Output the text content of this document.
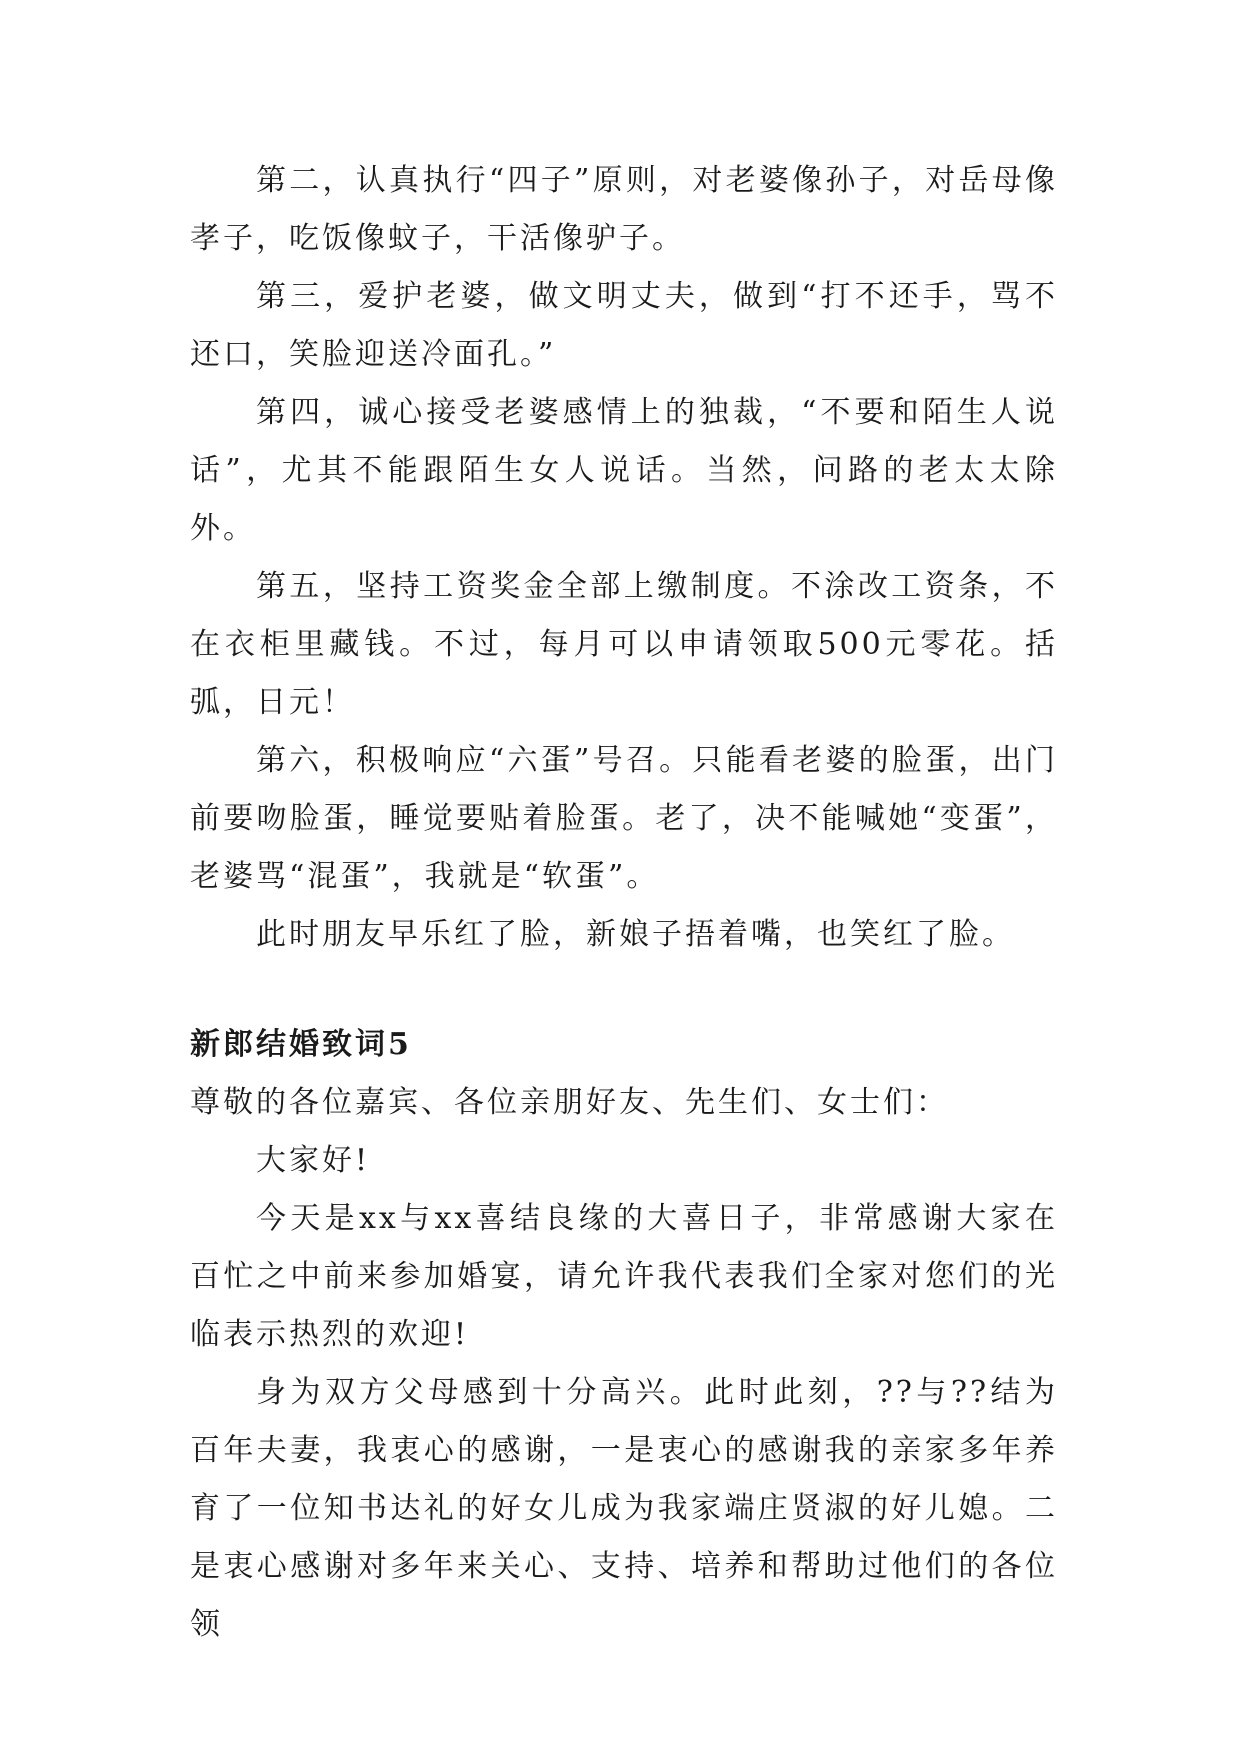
第二，认真执行“四子”原则，对老婆像孙子，对岳母像孝子，吃饭像蚊子，干活像驴子。

第三，爱护老婆，做文明丈夫，做到“打不还手，骂不还口，笑脸迎送冷面孔。”

第四，诚心接受老婆感情上的独裁，“不要和陌生人说话”，尤其不能跟陌生女人说话。当然，问路的老太太除外。

第五，坚持工资奖金全部上缴制度。不涂改工资条，不在衣柜里藏钱。不过，每月可以申请领取500元零花。括弧，日元！

第六，积极响应“六蛋”号召。只能看老婆的脸蛋，出门前要吻脸蛋，睡觉要贴着脸蛋。老了，决不能喊她“变蛋”，老婆骂“混蛋”，我就是“软蛋”。

此时朋友早乐红了脸，新娘子捂着嘴，也笑红了脸。

新郎结婚致词5

尊敬的各位嘉宾、各位亲朋好友、先生们、女士们：

大家好!

今天是xx与xx喜结良缘的大喜日子，非常感谢大家在百忙之中前来参加婚宴，请允许我代表我们全家对您们的光临表示热烈的欢迎!

身为双方父母感到十分高兴。此时此刻，??与??结为百年夫妻，我衷心的感谢，一是衷心的感谢我的亲家多年养育了一位知书达礼的好女儿成为我家端庄贤淑的好儿媳。二是衷心感谢对多年来关心、支持、培养和帮助过他们的各位领
